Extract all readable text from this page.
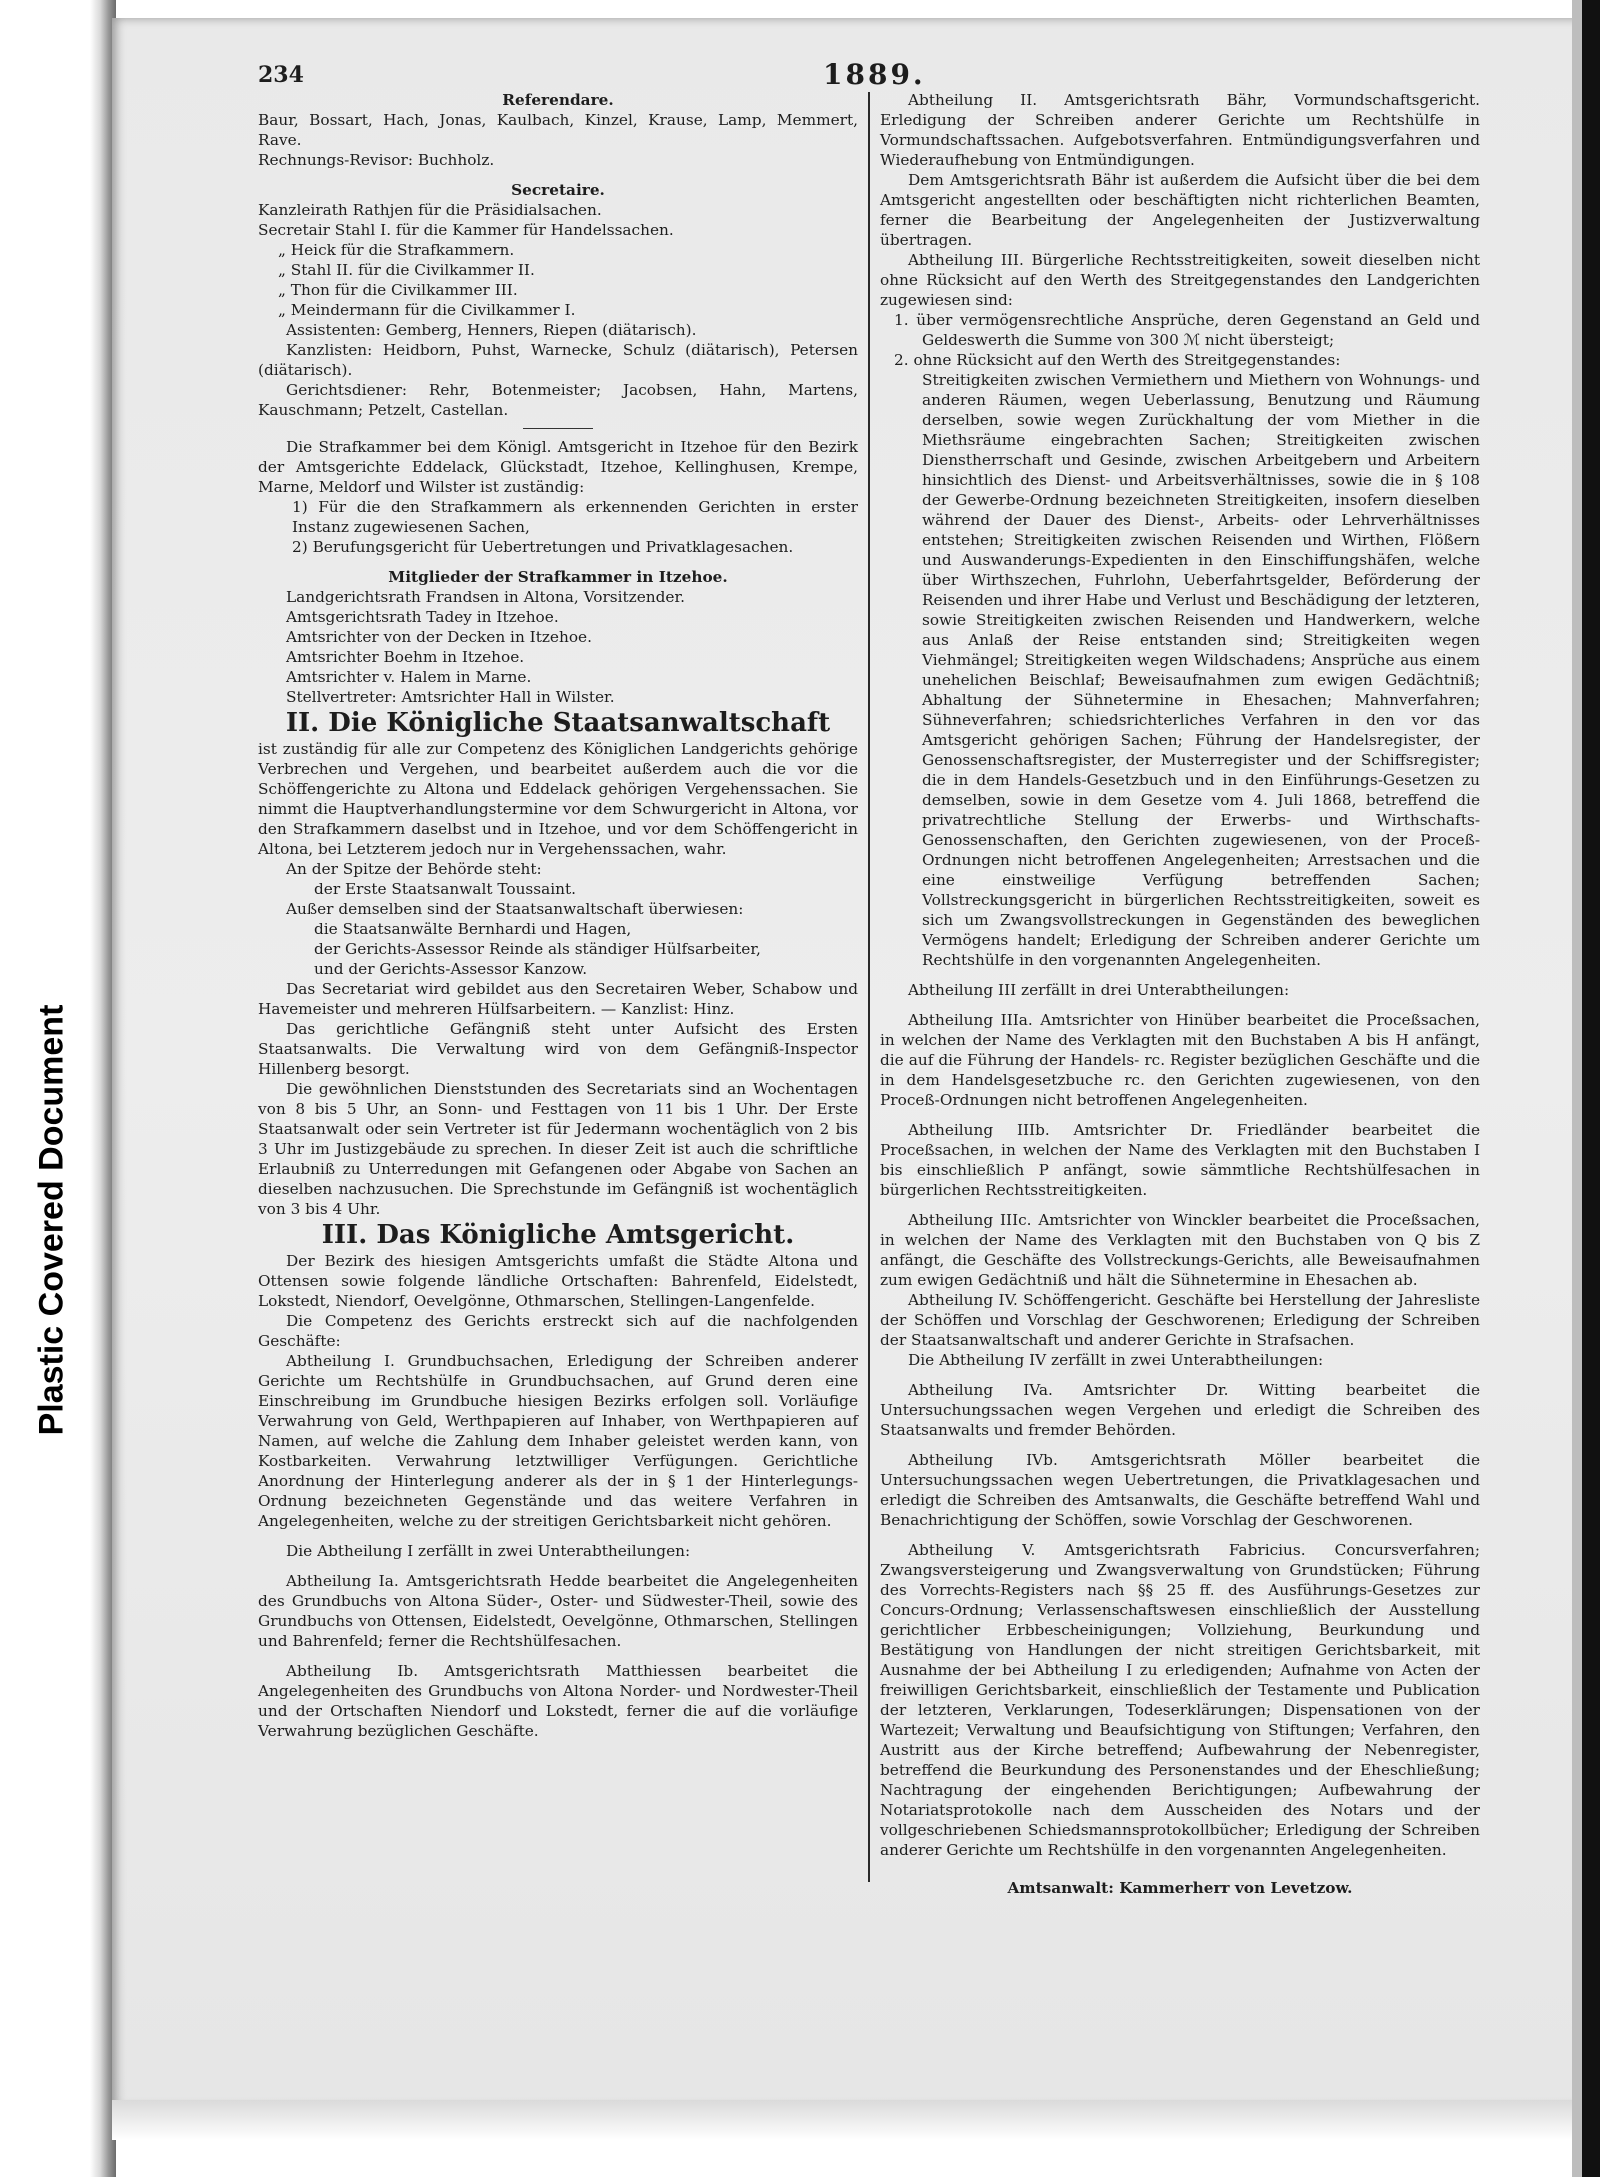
Plastic Covered Document
234	1889.

Referendare.

Baur, Bossart, Hach, Jonas, Kaulbach, Kinzel, Krause, Lamp, Memmert, Rave.

Rechnungs-Revisor: Buchholz.

Secretaire.

Kanzleirath Rathjen für die Präsidialsachen.

Secretair Stahl I. für die Kammer für Handelssachen.

„ Heick für die Strafkammern.

„ Stahl II. für die Civilkammer II.

„ Thon für die Civilkammer III.

„ Meindermann für die Civilkammer I.

Assistenten: Gemberg, Henners, Riepen (diätarisch).

Kanzlisten: Heidborn, Puhst, Warnecke, Schulz (diätarisch), Petersen (diätarisch).

Gerichtsdiener: Rehr, Botenmeister; Jacobsen, Hahn, Martens, Kauschmann; Petzelt, Castellan.

Die Strafkammer bei dem Königl. Amtsgericht in Itzehoe für den Bezirk der Amtsgerichte Eddelack, Glückstadt, Itzehoe, Kellinghusen, Krempe, Marne, Meldorf und Wilster ist zuständig:

1) Für die den Strafkammern als erkennenden Gerichten in erster Instanz zugewiesenen Sachen,

2) Berufungsgericht für Uebertretungen und Privatklagesachen.

Mitglieder der Strafkammer in Itzehoe.

Landgerichtsrath Frandsen in Altona, Vorsitzender.

Amtsgerichtsrath Tadey in Itzehoe.

Amtsrichter von der Decken in Itzehoe.

Amtsrichter Boehm in Itzehoe.

Amtsrichter v. Halem in Marne.

Stellvertreter: Amtsrichter Hall in Wilster.

II. Die Königliche Staatsanwaltschaft

ist zuständig für alle zur Competenz des Königlichen Landgerichts gehörige Verbrechen und Vergehen, und bearbeitet außerdem auch die vor die Schöffengerichte zu Altona und Eddelack gehörigen Vergehenssachen. Sie nimmt die Hauptverhandlungstermine vor dem Schwurgericht in Altona, vor den Strafkammern daselbst und in Itzehoe, und vor dem Schöffengericht in Altona, bei Letzterem jedoch nur in Vergehenssachen, wahr.

An der Spitze der Behörde steht:

der Erste Staatsanwalt Toussaint.

Außer demselben sind der Staatsanwaltschaft überwiesen:

die Staatsanwälte Bernhardi und Hagen,

der Gerichts-Assessor Reinde als ständiger Hülfsarbeiter,

und der Gerichts-Assessor Kanzow.

Das Secretariat wird gebildet aus den Secretairen Weber, Schabow und Havemeister und mehreren Hülfsarbeitern. — Kanzlist: Hinz.

Das gerichtliche Gefängniß steht unter Aufsicht des Ersten Staatsanwalts. Die Verwaltung wird von dem Gefängniß-Inspector Hillenberg besorgt.

Die gewöhnlichen Dienststunden des Secretariats sind an Wochentagen von 8 bis 5 Uhr, an Sonn- und Festtagen von 11 bis 1 Uhr. Der Erste Staatsanwalt oder sein Vertreter ist für Jedermann wochentäglich von 2 bis 3 Uhr im Justizgebäude zu sprechen. In dieser Zeit ist auch die schriftliche Erlaubniß zu Unterredungen mit Gefangenen oder Abgabe von Sachen an dieselben nachzusuchen. Die Sprechstunde im Gefängniß ist wochentäglich von 3 bis 4 Uhr.

III. Das Königliche Amtsgericht.

Der Bezirk des hiesigen Amtsgerichts umfaßt die Städte Altona und Ottensen sowie folgende ländliche Ortschaften: Bahrenfeld, Eidelstedt, Lokstedt, Niendorf, Oevelgönne, Othmarschen, Stellingen-Langenfelde.

Die Competenz des Gerichts erstreckt sich auf die nachfolgenden Geschäfte:

Abtheilung I. Grundbuchsachen, Erledigung der Schreiben anderer Gerichte um Rechtshülfe in Grundbuchsachen, auf Grund deren eine Einschreibung im Grundbuche hiesigen Bezirks erfolgen soll. Vorläufige Verwahrung von Geld, Werthpapieren auf Inhaber, von Werthpapieren auf Namen, auf welche die Zahlung dem Inhaber geleistet werden kann, von Kostbarkeiten. Verwahrung letztwilliger Verfügungen. Gerichtliche Anordnung der Hinterlegung anderer als der in § 1 der Hinterlegungs-Ordnung bezeichneten Gegenstände und das weitere Verfahren in Angelegenheiten, welche zu der streitigen Gerichtsbarkeit nicht gehören.

Die Abtheilung I zerfällt in zwei Unterabtheilungen:

Abtheilung Ia. Amtsgerichtsrath Hedde bearbeitet die Angelegenheiten des Grundbuchs von Altona Süder-, Oster- und Südwester-Theil, sowie des Grundbuchs von Ottensen, Eidelstedt, Oevelgönne, Othmarschen, Stellingen und Bahrenfeld; ferner die Rechtshülfesachen.

Abtheilung Ib. Amtsgerichtsrath Matthiessen bearbeitet die Angelegenheiten des Grundbuchs von Altona Norder- und Nordwester-Theil und der Ortschaften Niendorf und Lokstedt, ferner die auf die vorläufige Verwahrung bezüglichen Geschäfte.

Abtheilung II. Amtsgerichtsrath Bähr, Vormundschaftsgericht. Erledigung der Schreiben anderer Gerichte um Rechtshülfe in Vormundschaftssachen. Aufgebotsverfahren. Entmündigungsverfahren und Wiederaufhebung von Entmündigungen.

Dem Amtsgerichtsrath Bähr ist außerdem die Aufsicht über die bei dem Amtsgericht angestellten oder beschäftigten nicht richterlichen Beamten, ferner die Bearbeitung der Angelegenheiten der Justizverwaltung übertragen.

Abtheilung III. Bürgerliche Rechtsstreitigkeiten, soweit dieselben nicht ohne Rücksicht auf den Werth des Streitgegenstandes den Landgerichten zugewiesen sind:

1. über vermögensrechtliche Ansprüche, deren Gegenstand an Geld und Geldeswerth die Summe von 300 ℳ nicht übersteigt;

2. ohne Rücksicht auf den Werth des Streitgegenstandes:

Streitigkeiten zwischen Vermiethern und Miethern von Wohnungs- und anderen Räumen, wegen Ueberlassung, Benutzung und Räumung derselben, sowie wegen Zurückhaltung der vom Miether in die Miethsräume eingebrachten Sachen; Streitigkeiten zwischen Dienstherrschaft und Gesinde, zwischen Arbeitgebern und Arbeitern hinsichtlich des Dienst- und Arbeitsverhältnisses, sowie die in § 108 der Gewerbe-Ordnung bezeichneten Streitigkeiten, insofern dieselben während der Dauer des Dienst-, Arbeits- oder Lehrverhältnisses entstehen; Streitigkeiten zwischen Reisenden und Wirthen, Flößern und Auswanderungs-Expedienten in den Einschiffungshäfen, welche über Wirthszechen, Fuhrlohn, Ueberfahrtsgelder, Beförderung der Reisenden und ihrer Habe und Verlust und Beschädigung der letzteren, sowie Streitigkeiten zwischen Reisenden und Handwerkern, welche aus Anlaß der Reise entstanden sind; Streitigkeiten wegen Viehmängel; Streitigkeiten wegen Wildschadens; Ansprüche aus einem unehelichen Beischlaf; Beweisaufnahmen zum ewigen Gedächtniß; Abhaltung der Sühnetermine in Ehesachen; Mahnverfahren; Sühneverfahren; schiedsrichterliches Verfahren in den vor das Amtsgericht gehörigen Sachen; Führung der Handelsregister, der Genossenschaftsregister, der Musterregister und der Schiffsregister; die in dem Handels-Gesetzbuch und in den Einführungs-Gesetzen zu demselben, sowie in dem Gesetze vom 4. Juli 1868, betreffend die privatrechtliche Stellung der Erwerbs- und Wirthschafts-Genossenschaften, den Gerichten zugewiesenen, von der Proceß-Ordnungen nicht betroffenen Angelegenheiten; Arrestsachen und die eine einstweilige Verfügung betreffenden Sachen; Vollstreckungsgericht in bürgerlichen Rechtsstreitigkeiten, soweit es sich um Zwangsvollstreckungen in Gegenständen des beweglichen Vermögens handelt; Erledigung der Schreiben anderer Gerichte um Rechtshülfe in den vorgenannten Angelegenheiten.

Abtheilung III zerfällt in drei Unterabtheilungen:

Abtheilung IIIa. Amtsrichter von Hinüber bearbeitet die Proceßsachen, in welchen der Name des Verklagten mit den Buchstaben A bis H anfängt, die auf die Führung der Handels- rc. Register bezüglichen Geschäfte und die in dem Handelsgesetzbuche rc. den Gerichten zugewiesenen, von den Proceß-Ordnungen nicht betroffenen Angelegenheiten.

Abtheilung IIIb. Amtsrichter Dr. Friedländer bearbeitet die Proceßsachen, in welchen der Name des Verklagten mit den Buchstaben I bis einschließlich P anfängt, sowie sämmtliche Rechtshülfesachen in bürgerlichen Rechtsstreitigkeiten.

Abtheilung IIIc. Amtsrichter von Winckler bearbeitet die Proceßsachen, in welchen der Name des Verklagten mit den Buchstaben von Q bis Z anfängt, die Geschäfte des Vollstreckungs-Gerichts, alle Beweisaufnahmen zum ewigen Gedächtniß und hält die Sühnetermine in Ehesachen ab.

Abtheilung IV. Schöffengericht. Geschäfte bei Herstellung der Jahresliste der Schöffen und Vorschlag der Geschworenen; Erledigung der Schreiben der Staatsanwaltschaft und anderer Gerichte in Strafsachen.

Die Abtheilung IV zerfällt in zwei Unterabtheilungen:

Abtheilung IVa. Amtsrichter Dr. Witting bearbeitet die Untersuchungssachen wegen Vergehen und erledigt die Schreiben des Staatsanwalts und fremder Behörden.

Abtheilung IVb. Amtsgerichtsrath Möller bearbeitet die Untersuchungssachen wegen Uebertretungen, die Privatklagesachen und erledigt die Schreiben des Amtsanwalts, die Geschäfte betreffend Wahl und Benachrichtigung der Schöffen, sowie Vorschlag der Geschworenen.

Abtheilung V. Amtsgerichtsrath Fabricius. Concursverfahren; Zwangsversteigerung und Zwangsverwaltung von Grundstücken; Führung des Vorrechts-Registers nach §§ 25 ff. des Ausführungs-Gesetzes zur Concurs-Ordnung; Verlassenschaftswesen einschließlich der Ausstellung gerichtlicher Erbbescheinigungen; Vollziehung, Beurkundung und Bestätigung von Handlungen der nicht streitigen Gerichtsbarkeit, mit Ausnahme der bei Abtheilung I zu erledigenden; Aufnahme von Acten der freiwilligen Gerichtsbarkeit, einschließlich der Testamente und Publication der letzteren, Verklarungen, Todeserklärungen; Dispensationen von der Wartezeit; Verwaltung und Beaufsichtigung von Stiftungen; Verfahren, den Austritt aus der Kirche betreffend; Aufbewahrung der Nebenregister, betreffend die Beurkundung des Personenstandes und der Eheschließung; Nachtragung der eingehenden Berichtigungen; Aufbewahrung der Notariatsprotokolle nach dem Ausscheiden des Notars und der vollgeschriebenen Schiedsmannsprotokollbücher; Erledigung der Schreiben anderer Gerichte um Rechtshülfe in den vorgenannten Angelegenheiten.

Amtsanwalt: Kammerherr von Levetzow.
